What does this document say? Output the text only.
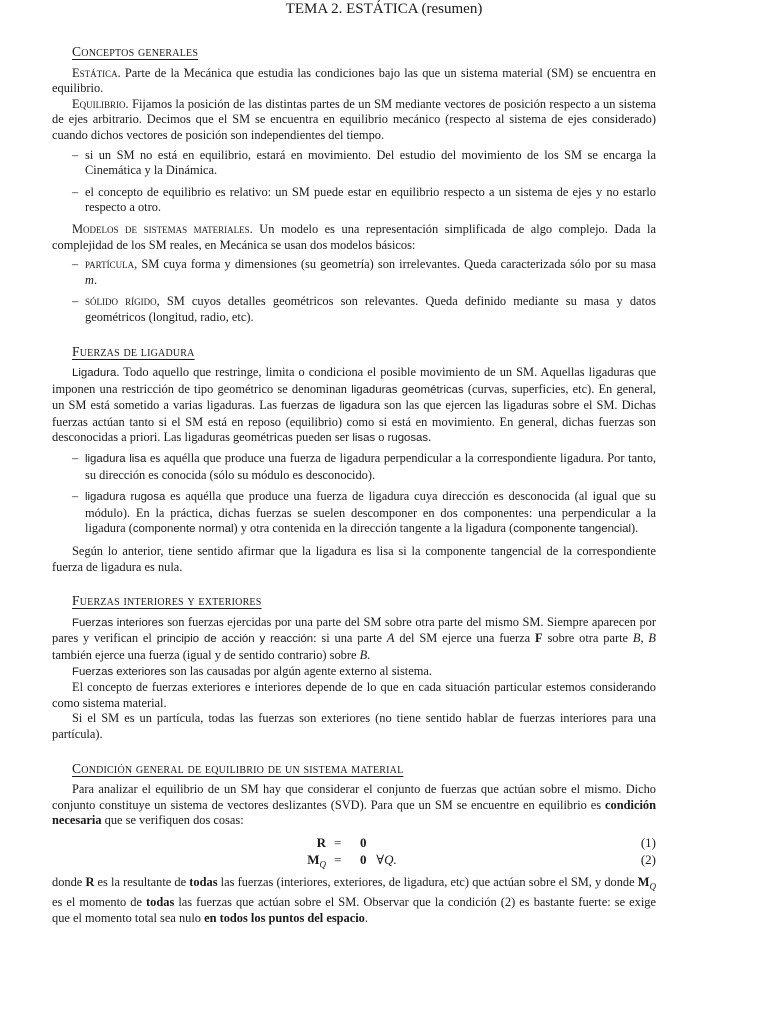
TEMA 2. ESTÁTICA (resumen)
Conceptos generales

Estática. Parte de la Mecánica que estudia las condiciones bajo las que un sistema material (SM) se encuentra en equilibrio.

Equilibrio. Fijamos la posición de las distintas partes de un SM mediante vectores de posición respecto a un sistema de ejes arbitrario. Decimos que el SM se encuentra en equilibrio mecánico (respecto al sistema de ejes considerado) cuando dichos vectores de posición son independientes del tiempo.

– si un SM no está en equilibrio, estará en movimiento. Del estudio del movimiento de los SM se encarga la Cinemática y la Dinámica.
– el concepto de equilibrio es relativo: un SM puede estar en equilibrio respecto a un sistema de ejes y no estarlo respecto a otro.

Modelos de sistemas materiales. Un modelo es una representación simplificada de algo complejo. Dada la complejidad de los SM reales, en Mecánica se usan dos modelos básicos:

– partícula, SM cuya forma y dimensiones (su geometría) son irrelevantes. Queda caracterizada sólo por su masa m.
– sólido rígido, SM cuyos detalles geométricos son relevantes. Queda definido mediante su masa y datos geométricos (longitud, radio, etc).
Fuerzas de ligadura

Ligadura. Todo aquello que restringe, limita o condiciona el posible movimiento de un SM. Aquellas ligaduras que imponen una restricción de tipo geométrico se denominan ligaduras geométricas (curvas, superficies, etc). En general, un SM está sometido a varias ligaduras. Las fuerzas de ligadura son las que ejercen las ligaduras sobre el SM. Dichas fuerzas actúan tanto si el SM está en reposo (equilibrio) como si está en movimiento. En general, dichas fuerzas son desconocidas a priori. Las ligaduras geométricas pueden ser lisas o rugosas.

– ligadura lisa es aquélla que produce una fuerza de ligadura perpendicular a la correspondiente ligadura. Por tanto, su dirección es conocida (sólo su módulo es desconocido).
– ligadura rugosa es aquélla que produce una fuerza de ligadura cuya dirección es desconocida (al igual que su módulo). En la práctica, dichas fuerzas se suelen descomponer en dos componentes: una perpendicular a la ligadura (componente normal) y otra contenida en la dirección tangente a la ligadura (componente tangencial).

Según lo anterior, tiene sentido afirmar que la ligadura es lisa si la componente tangencial de la correspondiente fuerza de ligadura es nula.

Fuerzas interiores y exteriores

Fuerzas interiores son fuerzas ejercidas por una parte del SM sobre otra parte del mismo SM. Siempre aparecen por pares y verifican el principio de acción y reacción: si una parte A del SM ejerce una fuerza F sobre otra parte B, B también ejerce una fuerza (igual y de sentido contrario) sobre B.

Fuerzas exteriores son las causadas por algún agente externo al sistema.

El concepto de fuerzas exteriores e interiores depende de lo que en cada situación particular estemos considerando como sistema material.

Si el SM es un partícula, todas las fuerzas son exteriores (no tiene sentido hablar de fuerzas interiores para una partícula).

Condición general de equilibrio de un sistema material

Para analizar el equilibrio de un SM hay que considerar el conjunto de fuerzas que actúan sobre el mismo. Dicho conjunto constituye un sistema de vectores deslizantes (SVD). Para que un SM se encuentre en equilibrio es condición necesaria que se verifiquen dos cosas:

R = 0	(1)
$M_Q = 0$ ∀Q.	(2)

donde R es la resultante de todas las fuerzas (interiores, exteriores, de ligadura, etc) que actúan sobre el SM, y donde $M_Q$ es el momento de todas las fuerzas que actúan sobre el SM. Observar que la condición (2) es bastante fuerte: se exige que el momento total sea nulo en todos los puntos del espacio.
